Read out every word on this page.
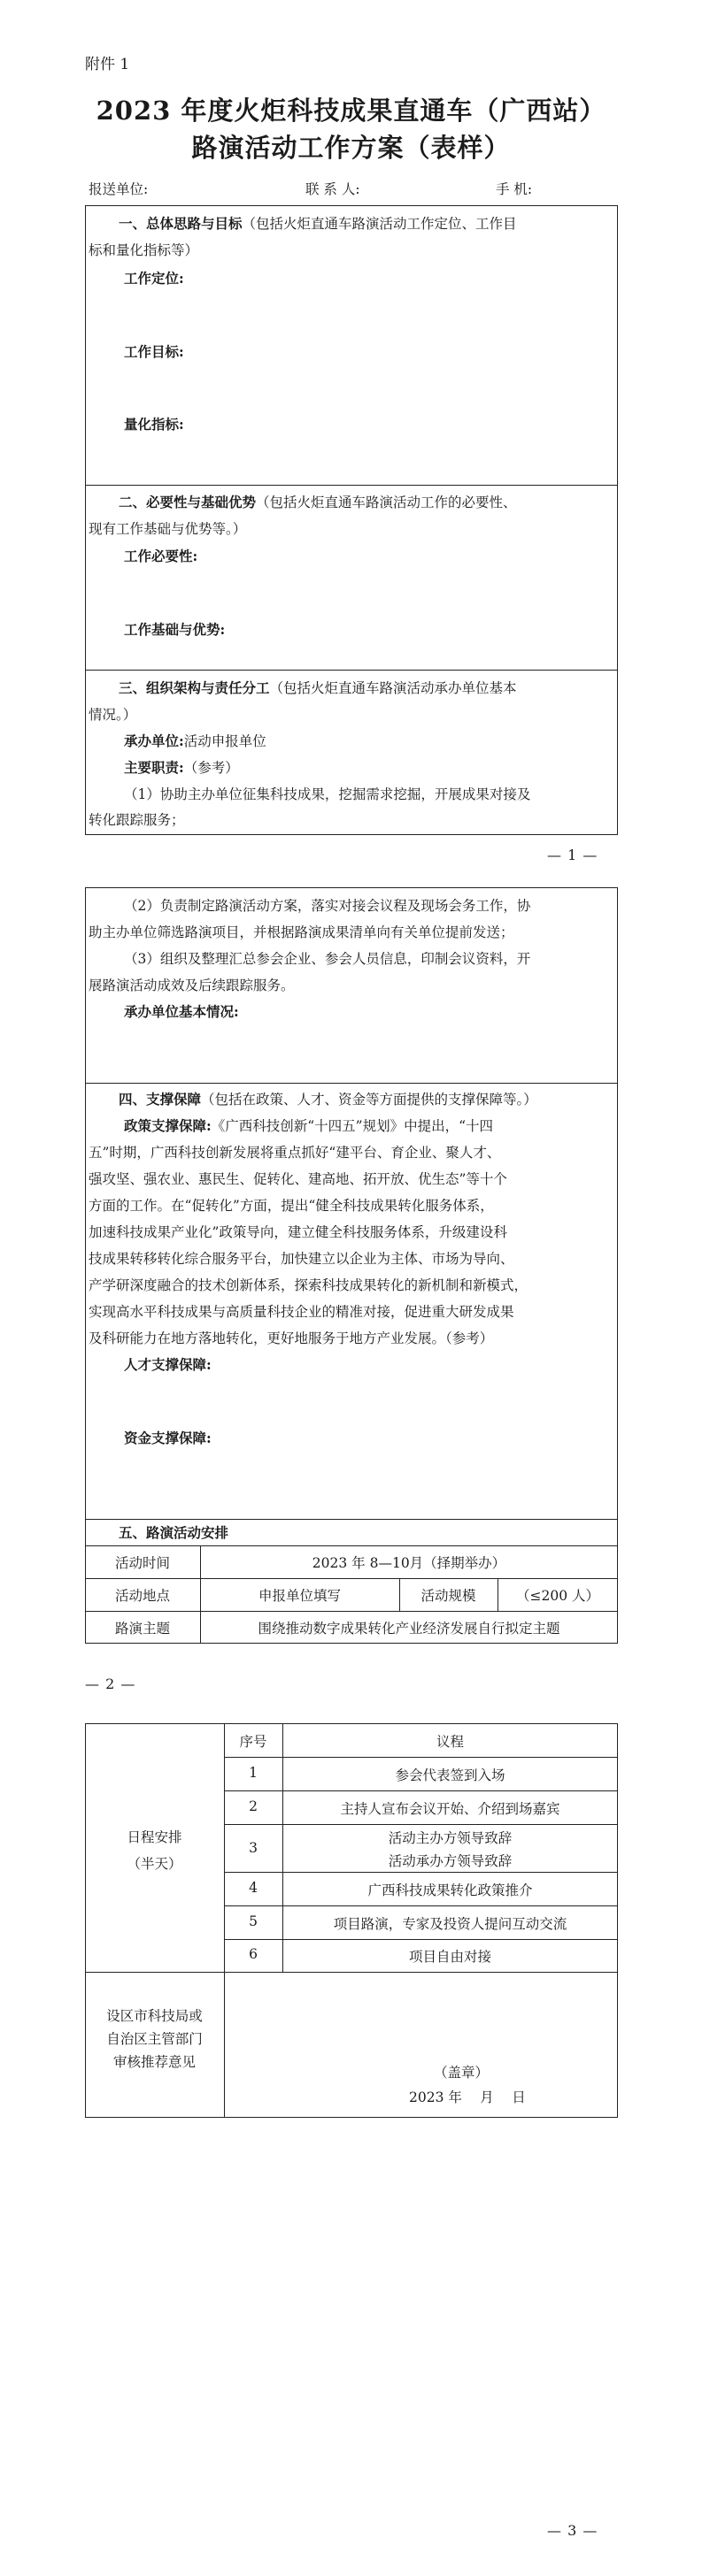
附件 1
2023 年度火炬科技成果直通车（广西站）
路演活动工作方案（表样）
报送单位:	联 系 人:	手 机:
一、总体思路与目标（包括火炬直通车路演活动工作定位、工作目
标和量化指标等）
工作定位:
工作目标:
量化指标:
二、必要性与基础优势（包括火炬直通车路演活动工作的必要性、
现有工作基础与优势等。）
工作必要性:
工作基础与优势:
三、组织架构与责任分工（包括火炬直通车路演活动承办单位基本
情况。）
承办单位:活动申报单位
主要职责:（参考）
（1）协助主办单位征集科技成果，挖掘需求挖掘，开展成果对接及
转化跟踪服务；
— 1 —
（2）负责制定路演活动方案，落实对接会议程及现场会务工作，协
助主办单位筛选路演项目，并根据路演成果清单向有关单位提前发送；
（3）组织及整理汇总参会企业、参会人员信息，印制会议资料，开
展路演活动成效及后续跟踪服务。
承办单位基本情况:
四、支撑保障（包括在政策、人才、资金等方面提供的支撑保障等。）
政策支撑保障:《广西科技创新“十四五”规划》中提出，“十四
五”时期，广西科技创新发展将重点抓好“建平台、育企业、聚人才、
强攻坚、强农业、惠民生、促转化、建高地、拓开放、优生态”等十个
方面的工作。在“促转化”方面，提出“健全科技成果转化服务体系，
加速科技成果产业化”政策导向，建立健全科技服务体系，升级建设科
技成果转移转化综合服务平台，加快建立以企业为主体、市场为导向、
产学研深度融合的技术创新体系，探索科技成果转化的新机制和新模式，
实现高水平科技成果与高质量科技企业的精准对接，促进重大研发成果
及科研能力在地方落地转化，更好地服务于地方产业发展。（参考）
人才支撑保障:
资金支撑保障:
五、路演活动安排
活动时间	2023 年 8—10月（择期举办）
活动地点	申报单位填写	活动规模	（≤200 人）
路演主题	围绕推动数字成果转化产业经济发展自行拟定主题
— 2 —
日程安排
（半天）
序号	议程
1	参会代表签到入场
2	主持人宣布会议开始、介绍到场嘉宾
3
活动主办方领导致辞
活动承办方领导致辞
4	广西科技成果转化政策推介
5	项目路演，专家及投资人提问互动交流
6	项目自由对接
设区市科技局或
自治区主管部门
审核推荐意见
（盖章）
2023 年　 月　 日
— 3 —
